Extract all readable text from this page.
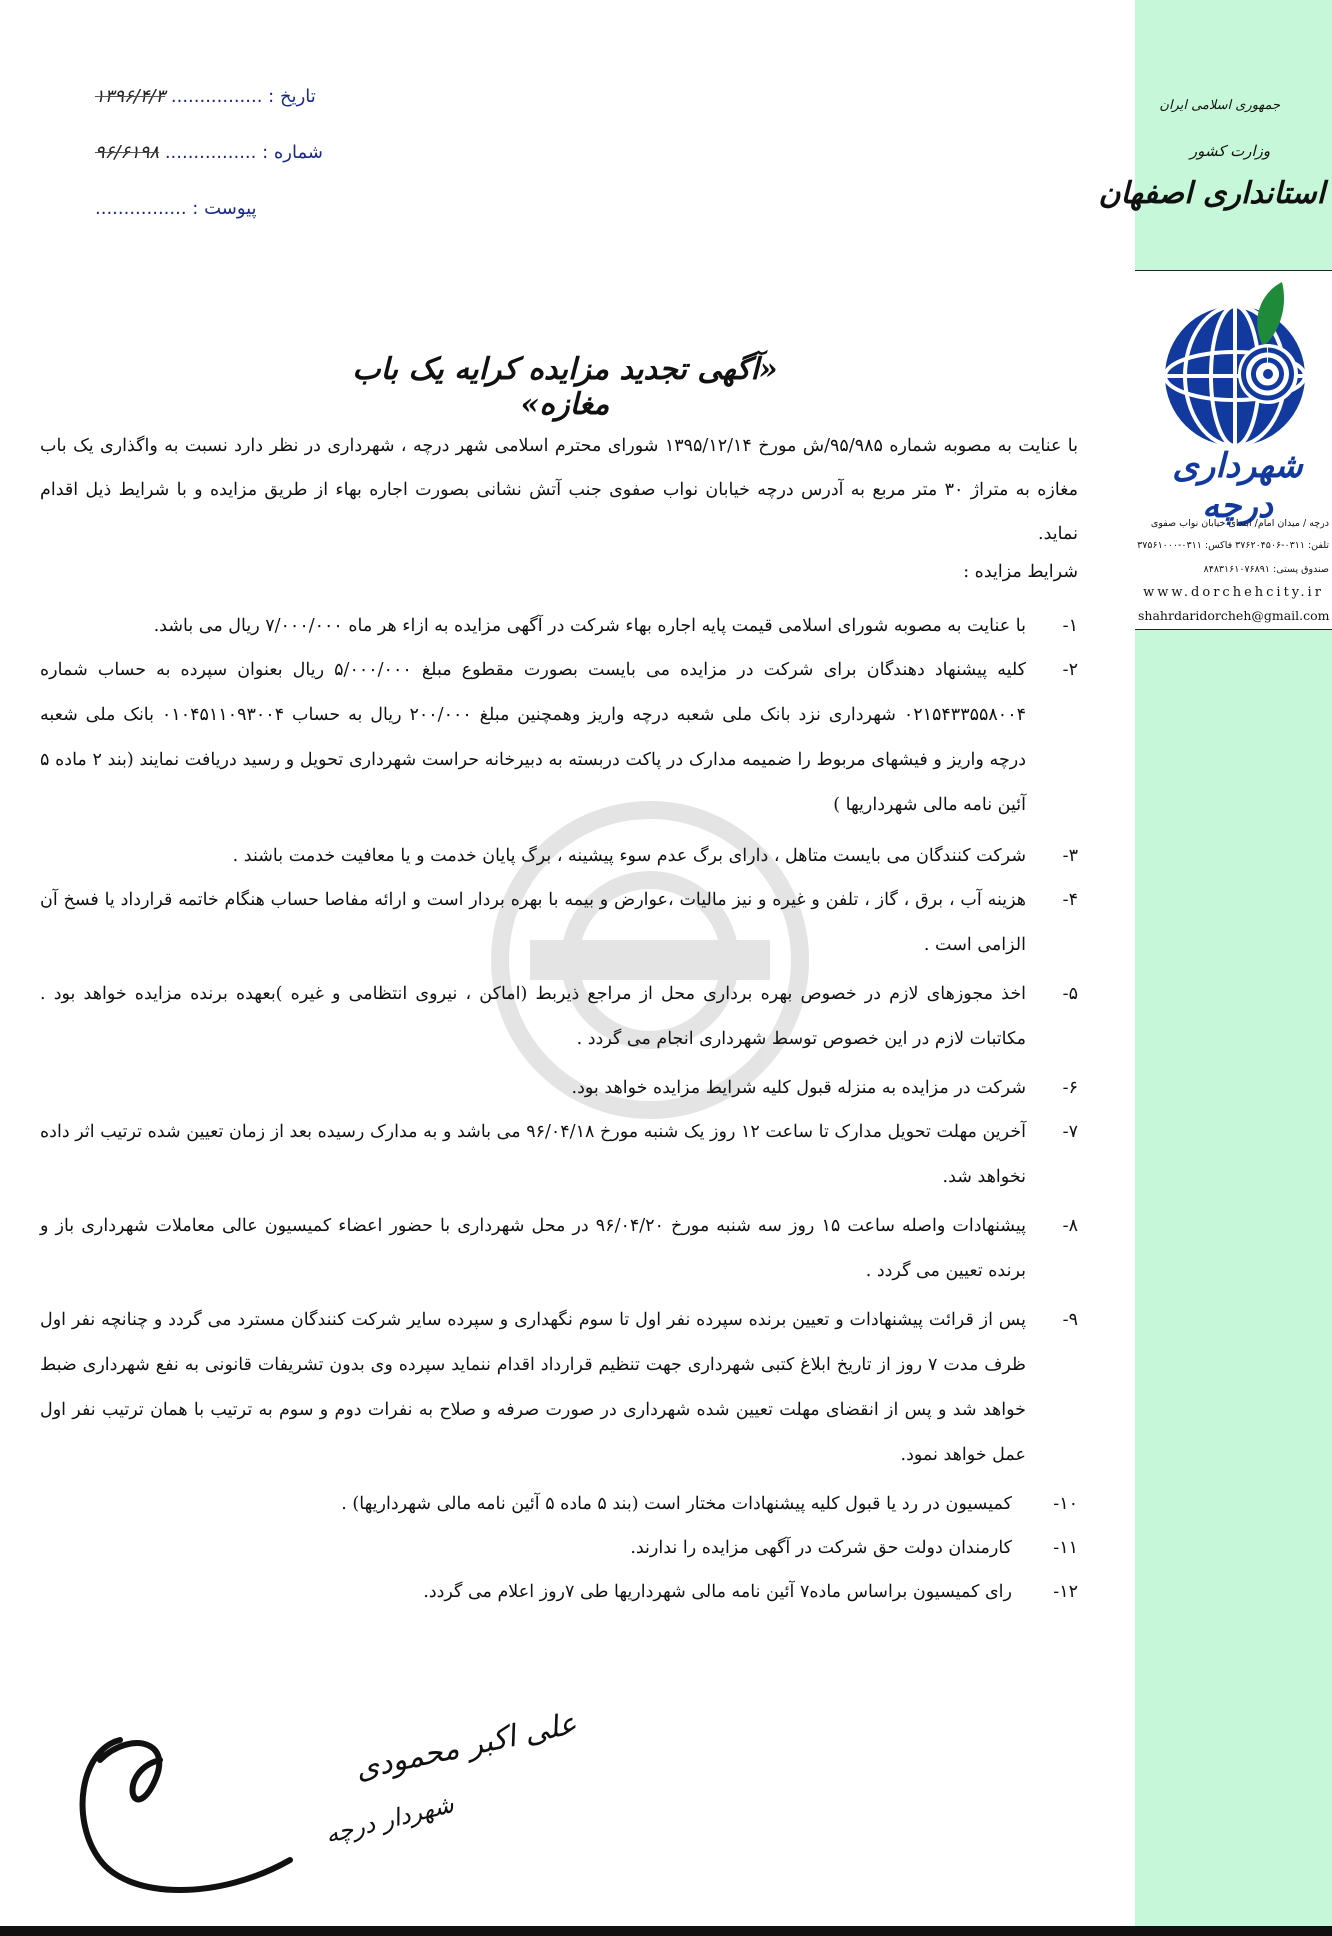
تاریخ : ................ ۱۳۹۶/۴/۳
شماره : ................ ۹۶/۶۱۹۸
پیوست : ................
جمهوری اسلامی ایران
وزارت کشور
استانداری اصفهان
شهرداری درچه
درچه / میدان امام/ ابتدای خیابان نواب صفوی
تلفن: ۰۳۱۱-۳۷۶۲۰۴۵۰۶ فاکس: ۰۳۱۱-۳۷۵۶۱۰۰۰
صندوق پستی: ۸۴۸۳۱۶۱۰۷۶۸۹۱
www.dorchehcity.ir
shahrdaridorcheh@gmail.com
«آگهی تجدید مزایده کرایه یک باب مغازه»

با عنایت به مصوبه شماره ۹۵/۹۸۵/ش مورخ ۱۳۹۵/۱۲/۱۴ شورای محترم اسلامی شهر درچه ، شهرداری در نظر دارد نسبت به واگذاری یک باب مغازه به متراژ ۳۰ متر مربع به آدرس درچه خیابان نواب صفوی جنب آتش نشانی بصورت اجاره بهاء از طریق مزایده و با شرایط ذیل اقدام نماید.

شرایط مزایده :
۱-
با عنایت به مصوبه شورای اسلامی قیمت پایه اجاره بهاء شرکت در آگهی مزایده به ازاء هر ماه ۷/۰۰۰/۰۰۰ ریال می باشد.
۲-
کلیه پیشنهاد دهندگان برای شرکت در مزایده می بایست بصورت مقطوع مبلغ ۵/۰۰۰/۰۰۰ ریال بعنوان سپرده به حساب شماره ۰۲۱۵۴۳۳۵۵۸۰۰۴ شهرداری نزد بانک ملی شعبه درچه واریز وهمچنین مبلغ ۲۰۰/۰۰۰ ریال به حساب ۰۱۰۴۵۱۱۰۹۳۰۰۴ بانک ملی شعبه درچه واریز و فیشهای مربوط را ضمیمه مدارک در پاکت دربسته به دبیرخانه حراست شهرداری تحویل و رسید دریافت نمایند (بند ۲ ماده ۵ آئین نامه مالی شهرداریها )
۳-
شرکت کنندگان می بایست متاهل ، دارای برگ عدم سوء پیشینه ، برگ پایان خدمت و یا معافیت خدمت باشند .
۴-
هزینه آب ، برق ، گاز ، تلفن و غیره و نیز مالیات ،عوارض و بیمه با بهره بردار است و ارائه مفاصا حساب هنگام خاتمه قرارداد یا فسخ آن الزامی است .
۵-
اخذ مجوزهای لازم در خصوص بهره برداری محل از مراجع ذیربط (اماکن ، نیروی انتظامی و غیره )بعهده برنده مزایده خواهد بود . مکاتبات لازم در این خصوص توسط شهرداری انجام می گردد .
۶-
شرکت در مزایده به منزله قبول کلیه شرایط مزایده خواهد بود.
۷-
آخرین مهلت تحویل مدارک تا ساعت ۱۲ روز یک شنبه مورخ ۹۶/۰۴/۱۸ می باشد و به مدارک رسیده بعد از زمان تعیین شده ترتیب اثر داده نخواهد شد.
۸-
پیشنهادات واصله ساعت ۱۵ روز سه شنبه مورخ ۹۶/۰۴/۲۰ در محل شهرداری با حضور اعضاء کمیسیون عالی معاملات شهرداری باز و برنده تعیین می گردد .
۹-
پس از قرائت پیشنهادات و تعیین برنده سپرده نفر اول تا سوم نگهداری و سپرده سایر شرکت کنندگان مسترد می گردد و چنانچه نفر اول ظرف مدت ۷ روز از تاریخ ابلاغ کتبی شهرداری جهت تنظیم قرارداد اقدام ننماید سپرده وی بدون تشریفات قانونی به نفع شهرداری ضبط خواهد شد و پس از انقضای مهلت تعیین شده شهرداری در صورت صرفه و صلاح به نفرات دوم و سوم به ترتیب با همان ترتیب نفر اول عمل خواهد نمود.
۱۰-
کمیسیون در رد یا قبول کلیه پیشنهادات مختار است (بند ۵ ماده ۵ آئین نامه مالی شهرداریها) .
۱۱-
کارمندان دولت حق شرکت در آگهی مزایده را ندارند.
۱۲-
رای کمیسیون براساس ماده۷ آئین نامه مالی شهرداریها طی ۷روز اعلام می گردد.
علی اکبر محمودی
شهردار درچه
